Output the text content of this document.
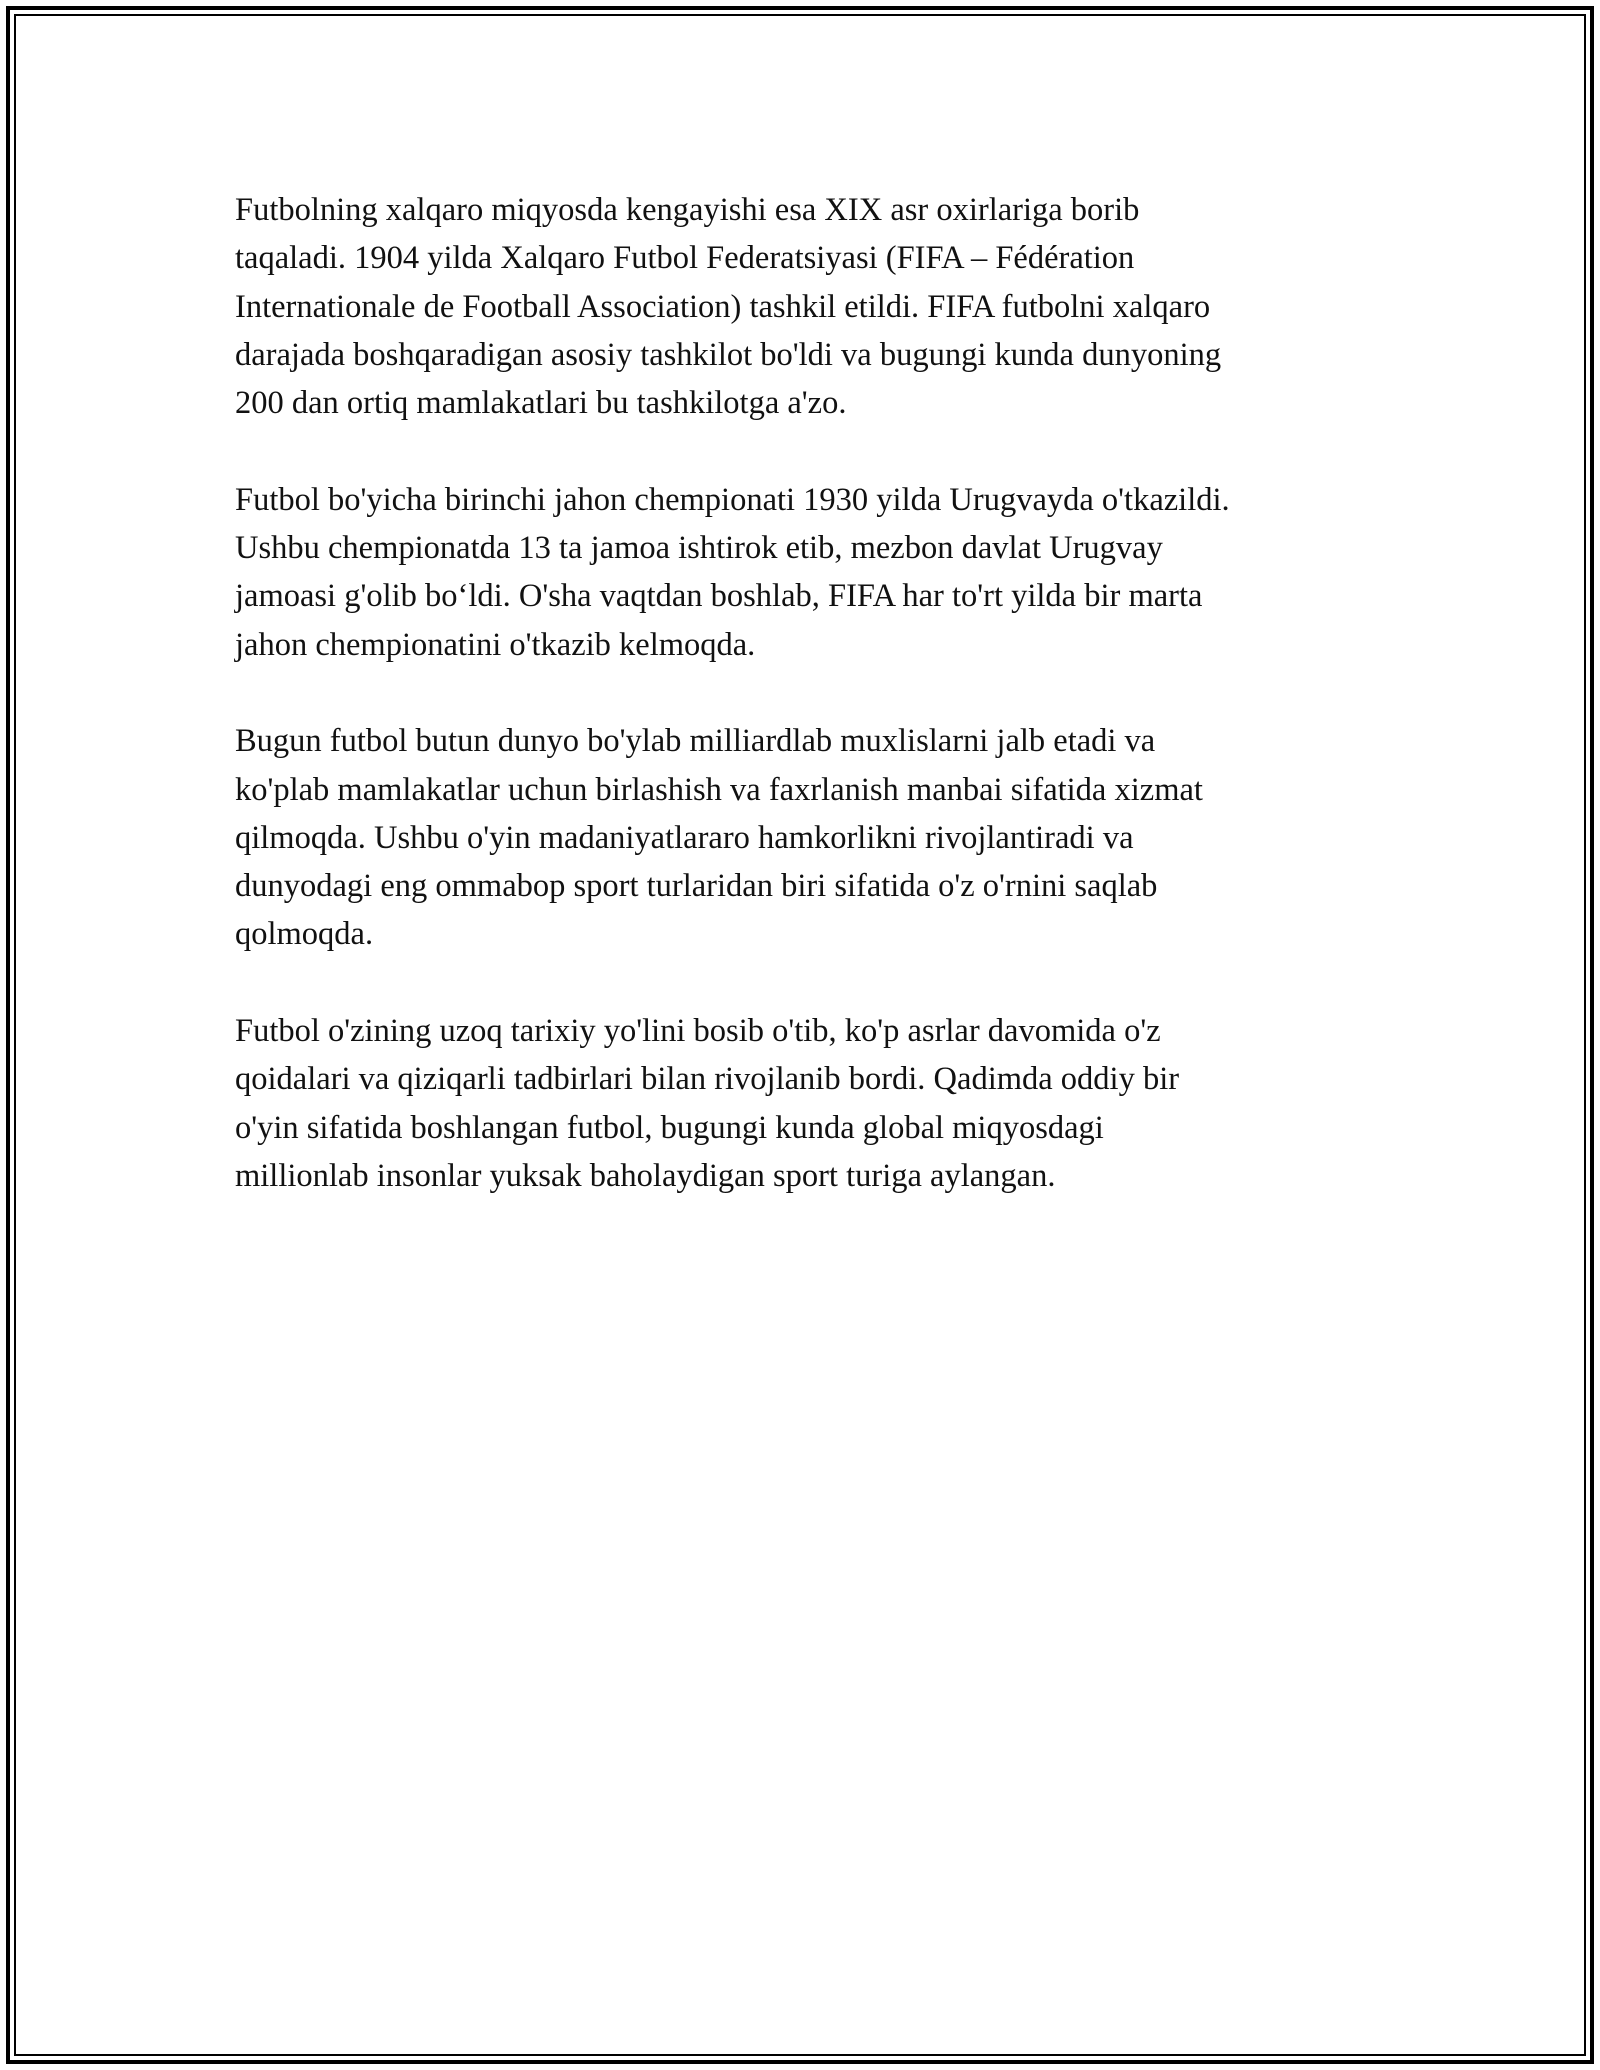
Futbolning xalqaro miqyosda kengayishi esa XIX asr oxirlariga borib
taqaladi. 1904 yilda Xalqaro Futbol Federatsiyasi (FIFA – Fédération
Internationale de Football Association) tashkil etildi. FIFA futbolni xalqaro
darajada boshqaradigan asosiy tashkilot bo'ldi va bugungi kunda dunyoning
200 dan ortiq mamlakatlari bu tashkilotga a'zo.

Futbol bo'yicha birinchi jahon chempionati 1930 yilda Urugvayda o'tkazildi.
Ushbu chempionatda 13 ta jamoa ishtirok etib, mezbon davlat Urugvay
jamoasi g'olib bo‘ldi. O'sha vaqtdan boshlab, FIFA har to'rt yilda bir marta
jahon chempionatini o'tkazib kelmoqda.

Bugun futbol butun dunyo bo'ylab milliardlab muxlislarni jalb etadi va
ko'plab mamlakatlar uchun birlashish va faxrlanish manbai sifatida xizmat
qilmoqda. Ushbu o'yin madaniyatlararo hamkorlikni rivojlantiradi va
dunyodagi eng ommabop sport turlaridan biri sifatida o'z o'rnini saqlab
qolmoqda.

Futbol o'zining uzoq tarixiy yo'lini bosib o'tib, ko'p asrlar davomida o'z
qoidalari va qiziqarli tadbirlari bilan rivojlanib bordi. Qadimda oddiy bir
o'yin sifatida boshlangan futbol, bugungi kunda global miqyosdagi
millionlab insonlar yuksak baholaydigan sport turiga aylangan.
